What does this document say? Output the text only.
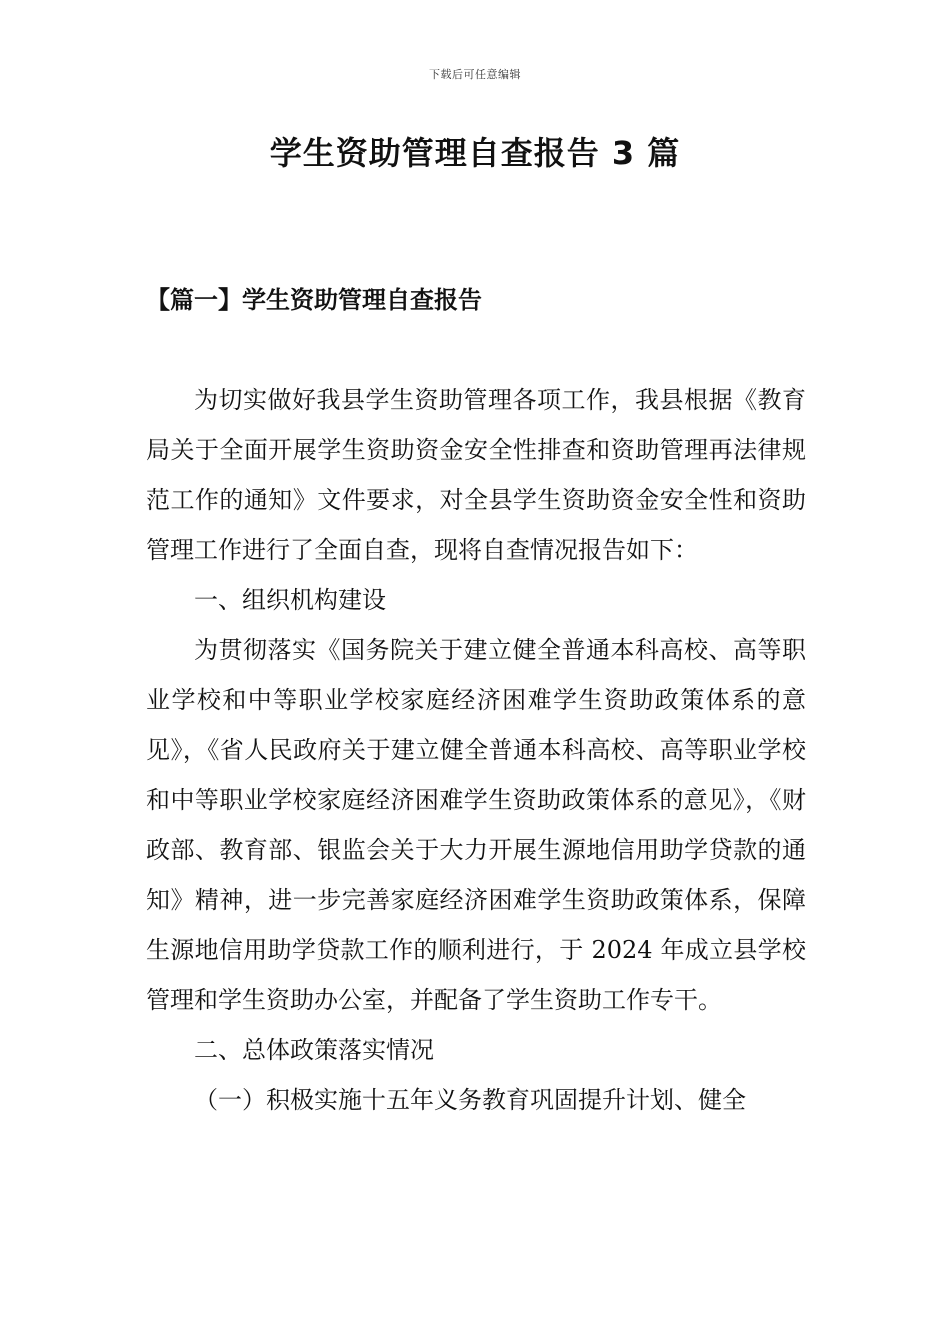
下载后可任意编辑
学生资助管理自查报告 3 篇
【篇一】学生资助管理自查报告

为切实做好我县学生资助管理各项工作，我县根据《教育局关于全面开展学生资助资金安全性排查和资助管理再法律规范工作的通知》文件要求，对全县学生资助资金安全性和资助管理工作进行了全面自查，现将自查情况报告如下：

一、组织机构建设

为贯彻落实《国务院关于建立健全普通本科高校、高等职业学校和中等职业学校家庭经济困难学生资助政策体系的意见》，《省人民政府关于建立健全普通本科高校、高等职业学校和中等职业学校家庭经济困难学生资助政策体系的意见》，《财政部、教育部、银监会关于大力开展生源地信用助学贷款的通知》精神，进一步完善家庭经济困难学生资助政策体系，保障生源地信用助学贷款工作的顺利进行，于 2024 年成立县学校管理和学生资助办公室，并配备了学生资助工作专干。

二、总体政策落实情况

（一）积极实施十五年义务教育巩固提升计划、健全
